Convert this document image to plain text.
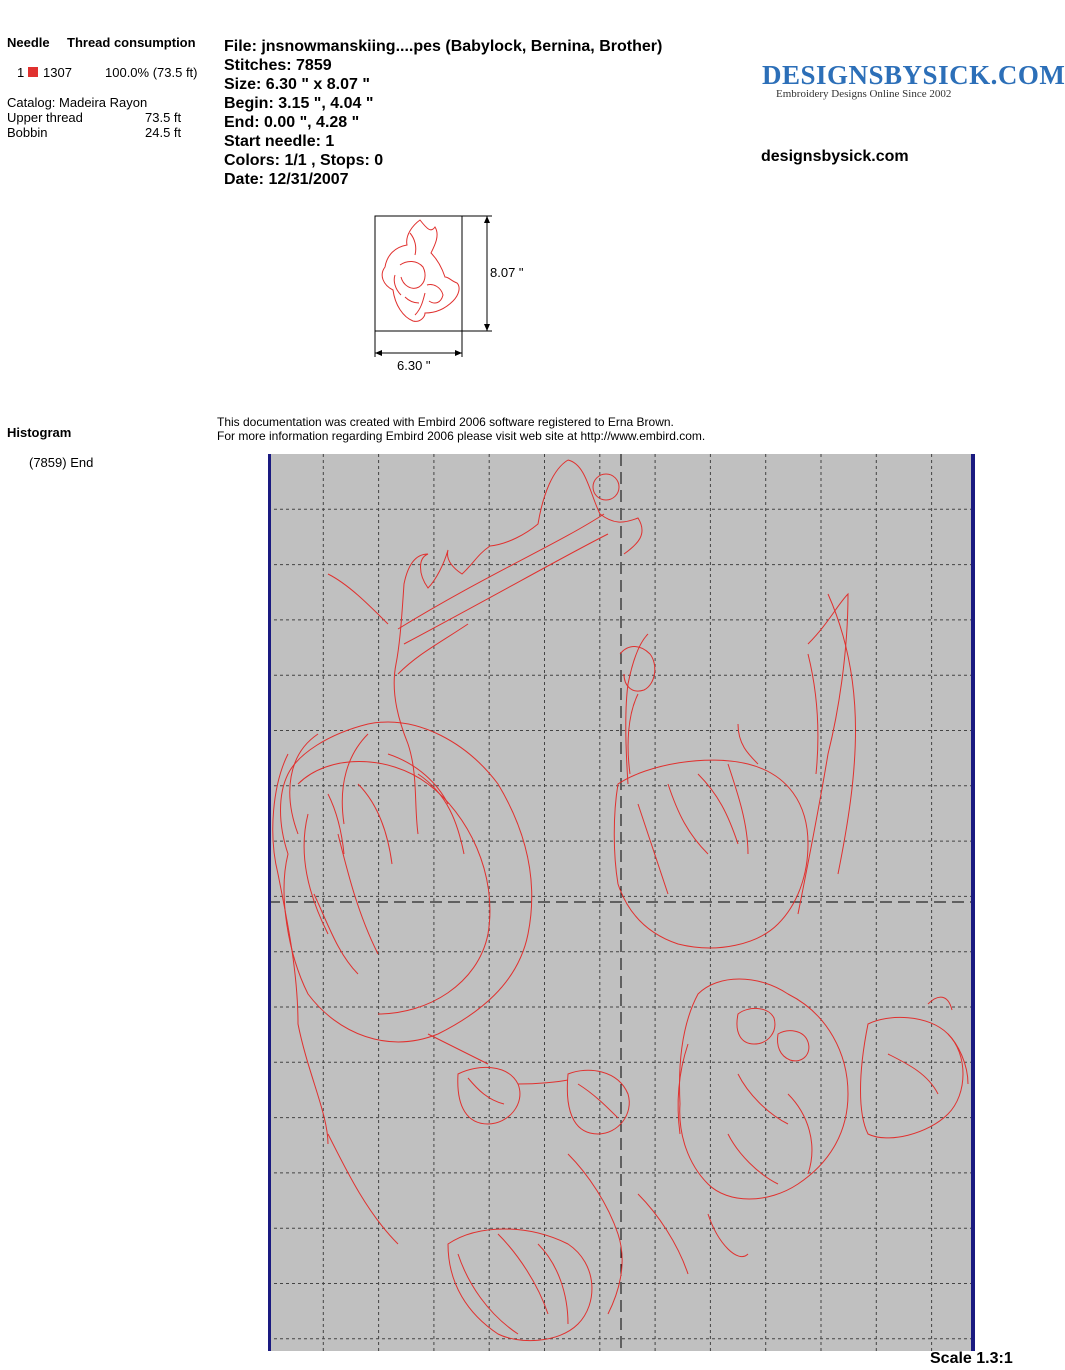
Needle Thread consumption
1 1307	100.0% (73.5 ft)
Catalog: Madeira Rayon
Upper thread	73.5 ft
Bobbin	24.5 ft
Histogram
(7859) End
File: jnsnowmanskiing....pes (Babylock, Bernina, Brother)
Stitches: 7859
Size: 6.30 " x 8.07 "
Begin: 3.15 ", 4.04 "
End: 0.00 ", 4.28 "
Start needle: 1
Colors: 1/1 , Stops: 0
Date: 12/31/2007
DESIGNSBYSICK.COM
Embroidery Designs Online Since 2002
designsbysick.com
8.07 "
6.30 "
This documentation was created with Embird 2006 software registered to Erna Brown.
For more information regarding Embird 2006 please visit web site at http://www.embird.com.
Scale 1.3:1
